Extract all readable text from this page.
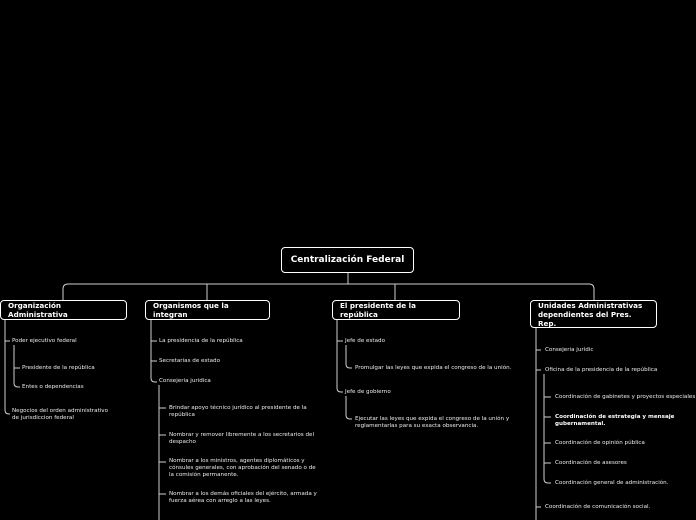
Centralización Federal
Organización Administrativa
Poder ejecutivo federal
Presidente de la república
Entes o dependencias
Negocios del orden administrativo de jurisdiccion federal
Organismos que la integran
La presidencia de la república
Secretarias de estado
Consejeria juridica
Brindar apoyo técnico jurídico al presidente de la república
Nombrar y remover libremente a los secretarios del despacho
Nombrar a los ministros, agentes diplomáticos y cónsules generales, con aprobación del senado o de la comisión permanente.
Nombrar a los demás oficiales del ejército, armada y fuerza aérea con arreglo a las leyes.
El presidente de la república
Jefe de estado
Promulgar las leyes que expida el congreso de la unión.
Jefe de gobierno
Ejecutar las leyes que expida el congreso de la unión y reglamentarlas para su exacta observancia.
Unidades Administrativas dependientes del Pres. Rep.
Consejeria jurídic
Oficina de la presidencia de la república
Coordinación de gabinetes y proyectos especiales
Coordinación de estrategia y mensaje gubernamental.
Coordinación de opinión pública
Coordinación de asesores
Coordinación general de administración.
Coordinación de comunicación social.
